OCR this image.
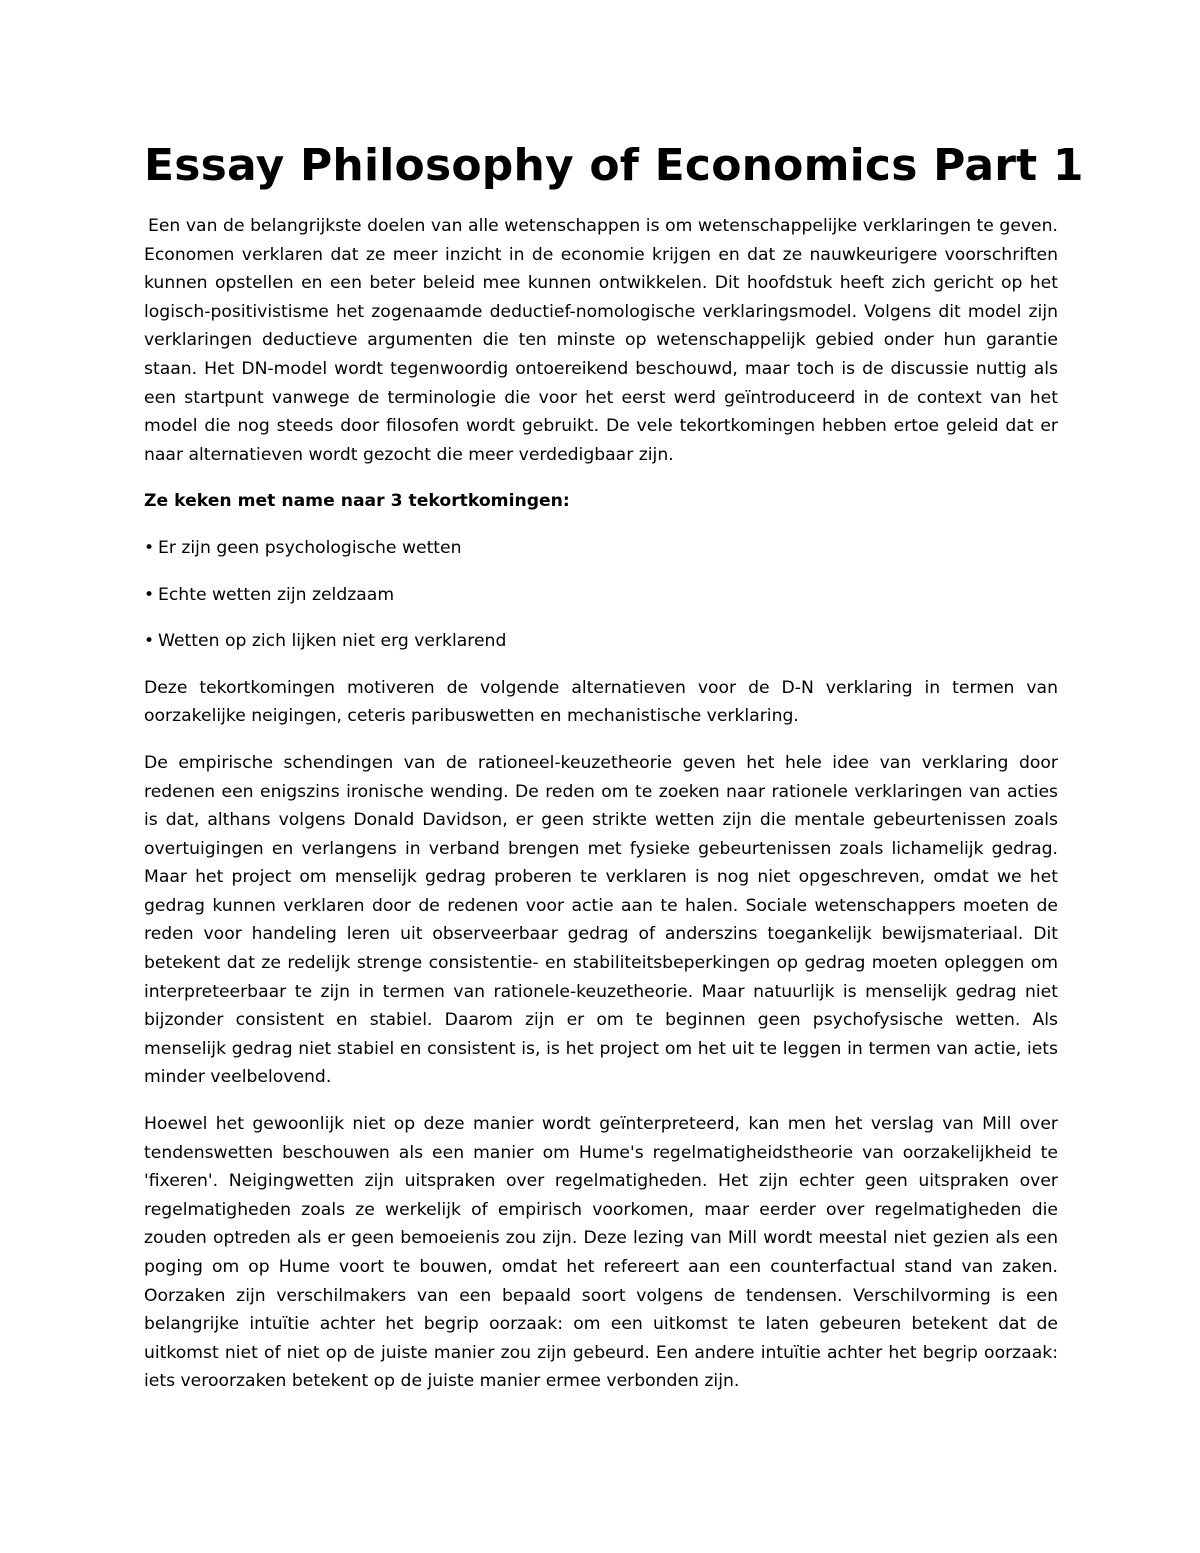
Essay Philosophy of Economics Part 1

Een van de belangrijkste doelen van alle wetenschappen is om wetenschappelijke verklaringen te geven. Economen verklaren dat ze meer inzicht in de economie krijgen en dat ze nauwkeurigere voorschriften kunnen opstellen en een beter beleid mee kunnen ontwikkelen. Dit hoofdstuk heeft zich gericht op het logisch-positivistisme het zogenaamde deductief-nomologische verklaringsmodel. Volgens dit model zijn verklaringen deductieve argumenten die ten minste op wetenschappelijk gebied onder hun garantie staan. Het DN-model wordt tegenwoordig ontoereikend beschouwd, maar toch is de discussie nuttig als een startpunt vanwege de terminologie die voor het eerst werd geïntroduceerd in de context van het model die nog steeds door filosofen wordt gebruikt. De vele tekortkomingen hebben ertoe geleid dat er naar alternatieven wordt gezocht die meer verdedigbaar zijn.

Ze keken met name naar 3 tekortkomingen:

• Er zijn geen psychologische wetten

• Echte wetten zijn zeldzaam

• Wetten op zich lijken niet erg verklarend

Deze tekortkomingen motiveren de volgende alternatieven voor de D-N verklaring in termen van oorzakelijke neigingen, ceteris paribuswetten en mechanistische verklaring.

De empirische schendingen van de rationeel-keuzetheorie geven het hele idee van verklaring door redenen een enigszins ironische wending. De reden om te zoeken naar rationele verklaringen van acties is dat, althans volgens Donald Davidson, er geen strikte wetten zijn die mentale gebeurtenissen zoals overtuigingen en verlangens in verband brengen met fysieke gebeurtenissen zoals lichamelijk gedrag. Maar het project om menselijk gedrag proberen te verklaren is nog niet opgeschreven, omdat we het gedrag kunnen verklaren door de redenen voor actie aan te halen. Sociale wetenschappers moeten de reden voor handeling leren uit observeerbaar gedrag of anderszins toegankelijk bewijsmateriaal. Dit betekent dat ze redelijk strenge consistentie- en stabiliteitsbeperkingen op gedrag moeten opleggen om interpreteerbaar te zijn in termen van rationele-keuzetheorie. Maar natuurlijk is menselijk gedrag niet bijzonder consistent en stabiel. Daarom zijn er om te beginnen geen psychofysische wetten. Als menselijk gedrag niet stabiel en consistent is, is het project om het uit te leggen in termen van actie, iets minder veelbelovend.

Hoewel het gewoonlijk niet op deze manier wordt geïnterpreteerd, kan men het verslag van Mill over tendenswetten beschouwen als een manier om Hume's regelmatigheidstheorie van oorzakelijkheid te 'fixeren'. Neigingwetten zijn uitspraken over regelmatigheden. Het zijn echter geen uitspraken over regelmatigheden zoals ze werkelijk of empirisch voorkomen, maar eerder over regelmatigheden die zouden optreden als er geen bemoeienis zou zijn. Deze lezing van Mill wordt meestal niet gezien als een poging om op Hume voort te bouwen, omdat het refereert aan een counterfactual stand van zaken. Oorzaken zijn verschilmakers van een bepaald soort volgens de tendensen. Verschilvorming is een belangrijke intuïtie achter het begrip oorzaak: om een uitkomst te laten gebeuren betekent dat de uitkomst niet of niet op de juiste manier zou zijn gebeurd. Een andere intuïtie achter het begrip oorzaak: iets veroorzaken betekent op de juiste manier ermee verbonden zijn.
